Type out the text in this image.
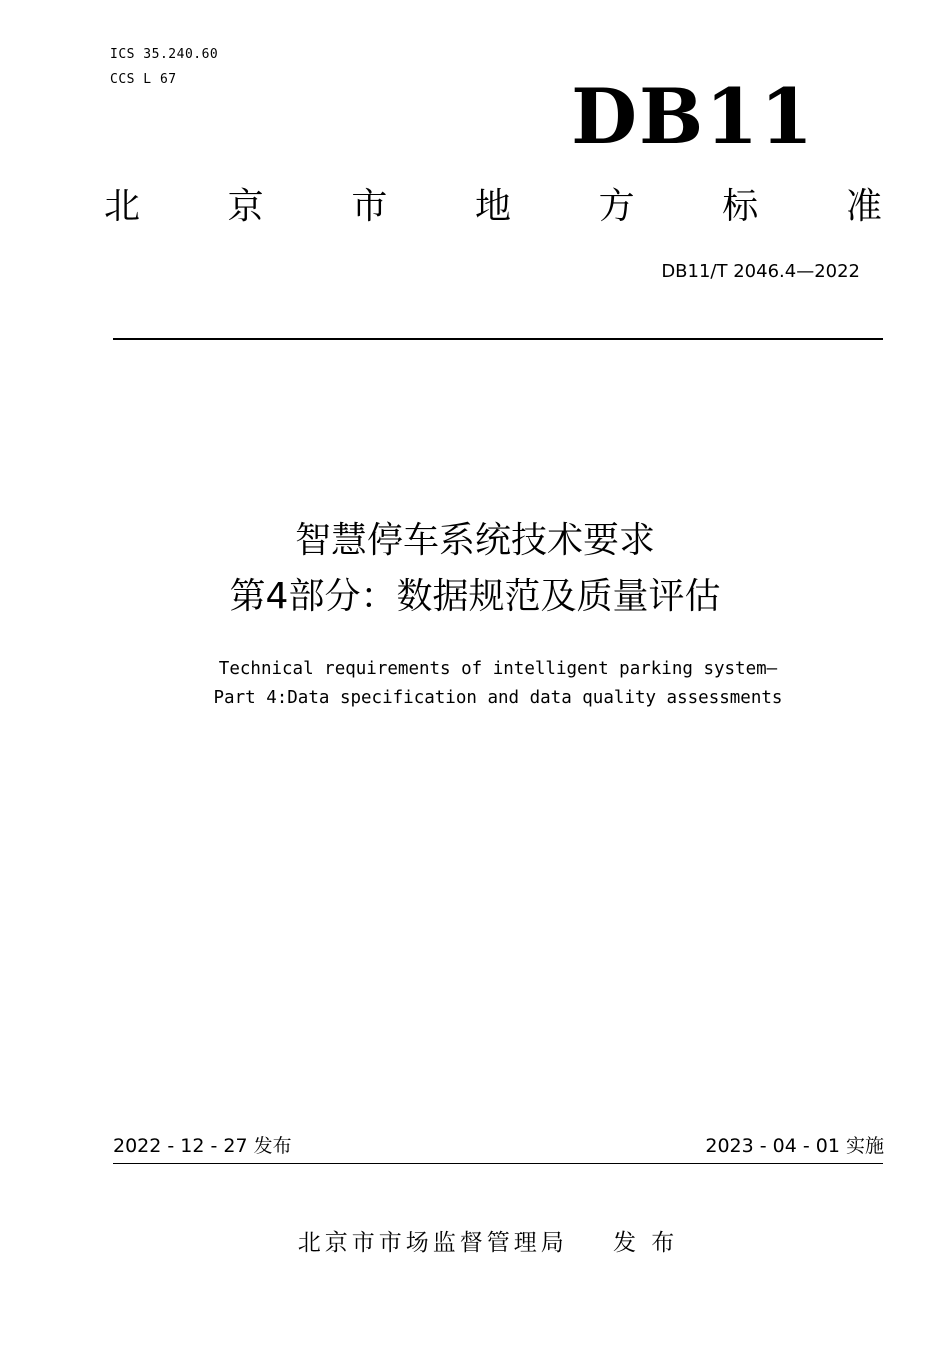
ICS 35.240.60
CCS L 67	DB11
北 京 市 地 方 标 准
DB11/T 2046.4—2022
智慧停车系统技术要求
第4部分：数据规范及质量评估
Technical requirements of intelligent parking system—
Part 4:Data specification and data quality assessments
2022 - 12 - 27 发布	2023 - 04 - 01 实施
北京市市场监督管理局    发 布
